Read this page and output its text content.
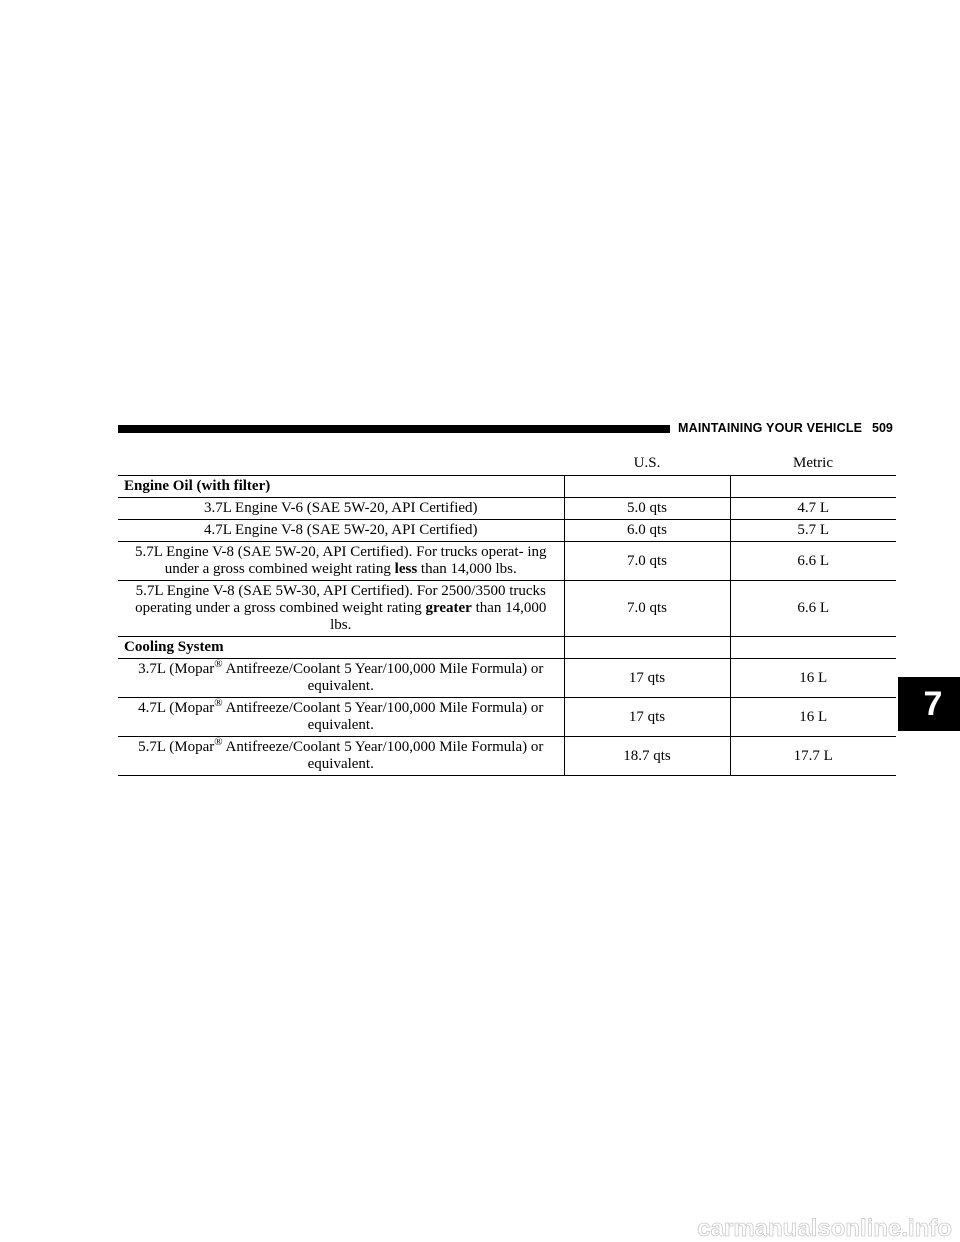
MAINTAINING YOUR VEHICLE 509
7
	U.S.	Metric
Engine Oil (with filter)		
3.7L Engine V-6 (SAE 5W-20, API Certified)	5.0 qts	4.7 L
4.7L Engine V-8 (SAE 5W-20, API Certified)	6.0 qts	5.7 L
5.7L Engine V-8 (SAE 5W-20, API Certified). For trucks operat- ing under a gross combined weight rating less than 14,000 lbs.	7.0 qts	6.6 L
5.7L Engine V-8 (SAE 5W-30, API Certified). For 2500/3500 trucks operating under a gross combined weight rating greater than 14,000 lbs.	7.0 qts	6.6 L
Cooling System		
3.7L (Mopar® Antifreeze/Coolant 5 Year/100,000 Mile Formula) or equivalent.	17 qts	16 L
4.7L (Mopar® Antifreeze/Coolant 5 Year/100,000 Mile Formula) or equivalent.	17 qts	16 L
5.7L (Mopar® Antifreeze/Coolant 5 Year/100,000 Mile Formula) or equivalent.	18.7 qts	17.7 L
carmanualsonline.info
